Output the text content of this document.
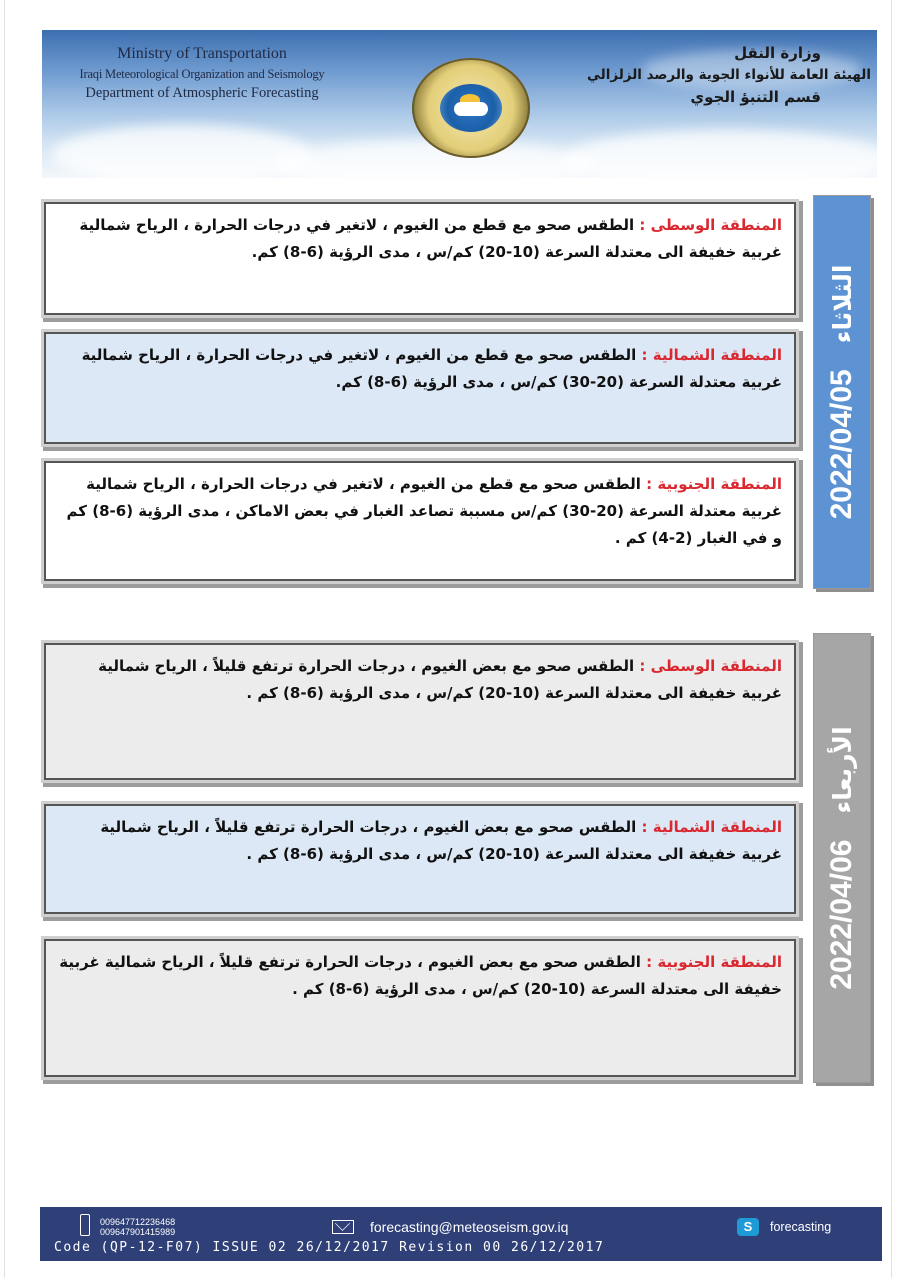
Ministry of Transportation
Iraqi Meteorological Organization and Seismology
Department of Atmospheric Forecasting
وزارة النقل
الهيئة العامة للأنواء الجوية والرصد الزلزالي
قسم التنبؤ الجوي
2022/04/05
الثلاثاء
المنطقة الوسطى : الطقس صحو مع قطع من الغيوم ، لاتغير في درجات الحرارة ، الرياح شمالية غربية خفيفة الى معتدلة السرعة (10-20) كم/س ، مدى الرؤية (6-8) كم.
المنطقة الشمالية : الطقس صحو مع قطع من الغيوم ، لاتغير في درجات الحرارة ، الرياح شمالية غربية معتدلة السرعة (20-30) كم/س ، مدى الرؤية (6-8) كم.
المنطقة الجنوبية : الطقس صحو مع قطع من الغيوم ، لاتغير في درجات الحرارة ، الرياح شمالية غربية معتدلة السرعة (20-30) كم/س مسببة تصاعد الغبار في بعض الاماكن ، مدى الرؤية (6-8) كم و في الغبار (2-4) كم .
2022/04/06
الأربعاء
المنطقة الوسطى : الطقس صحو مع بعض الغيوم ، درجات الحرارة ترتفع قليلاً ، الرياح شمالية غربية خفيفة الى معتدلة السرعة (10-20) كم/س ، مدى الرؤية (6-8) كم .
المنطقة الشمالية : الطقس صحو مع بعض الغيوم ، درجات الحرارة ترتفع قليلاً ، الرياح شمالية غربية خفيفة الى معتدلة السرعة (10-20) كم/س ، مدى الرؤية (6-8) كم .
المنطقة الجنوبية : الطقس صحو مع بعض الغيوم ، درجات الحرارة ترتفع قليلاً ، الرياح شمالية غربية خفيفة الى معتدلة السرعة (10-20) كم/س ، مدى الرؤية (6-8) كم .
009647712236468
009647901415989	forecasting@meteoseism.gov.iq	S	forecasting
Code (QP-12-F07) ISSUE 02 26/12/2017 Revision 00 26/12/2017
